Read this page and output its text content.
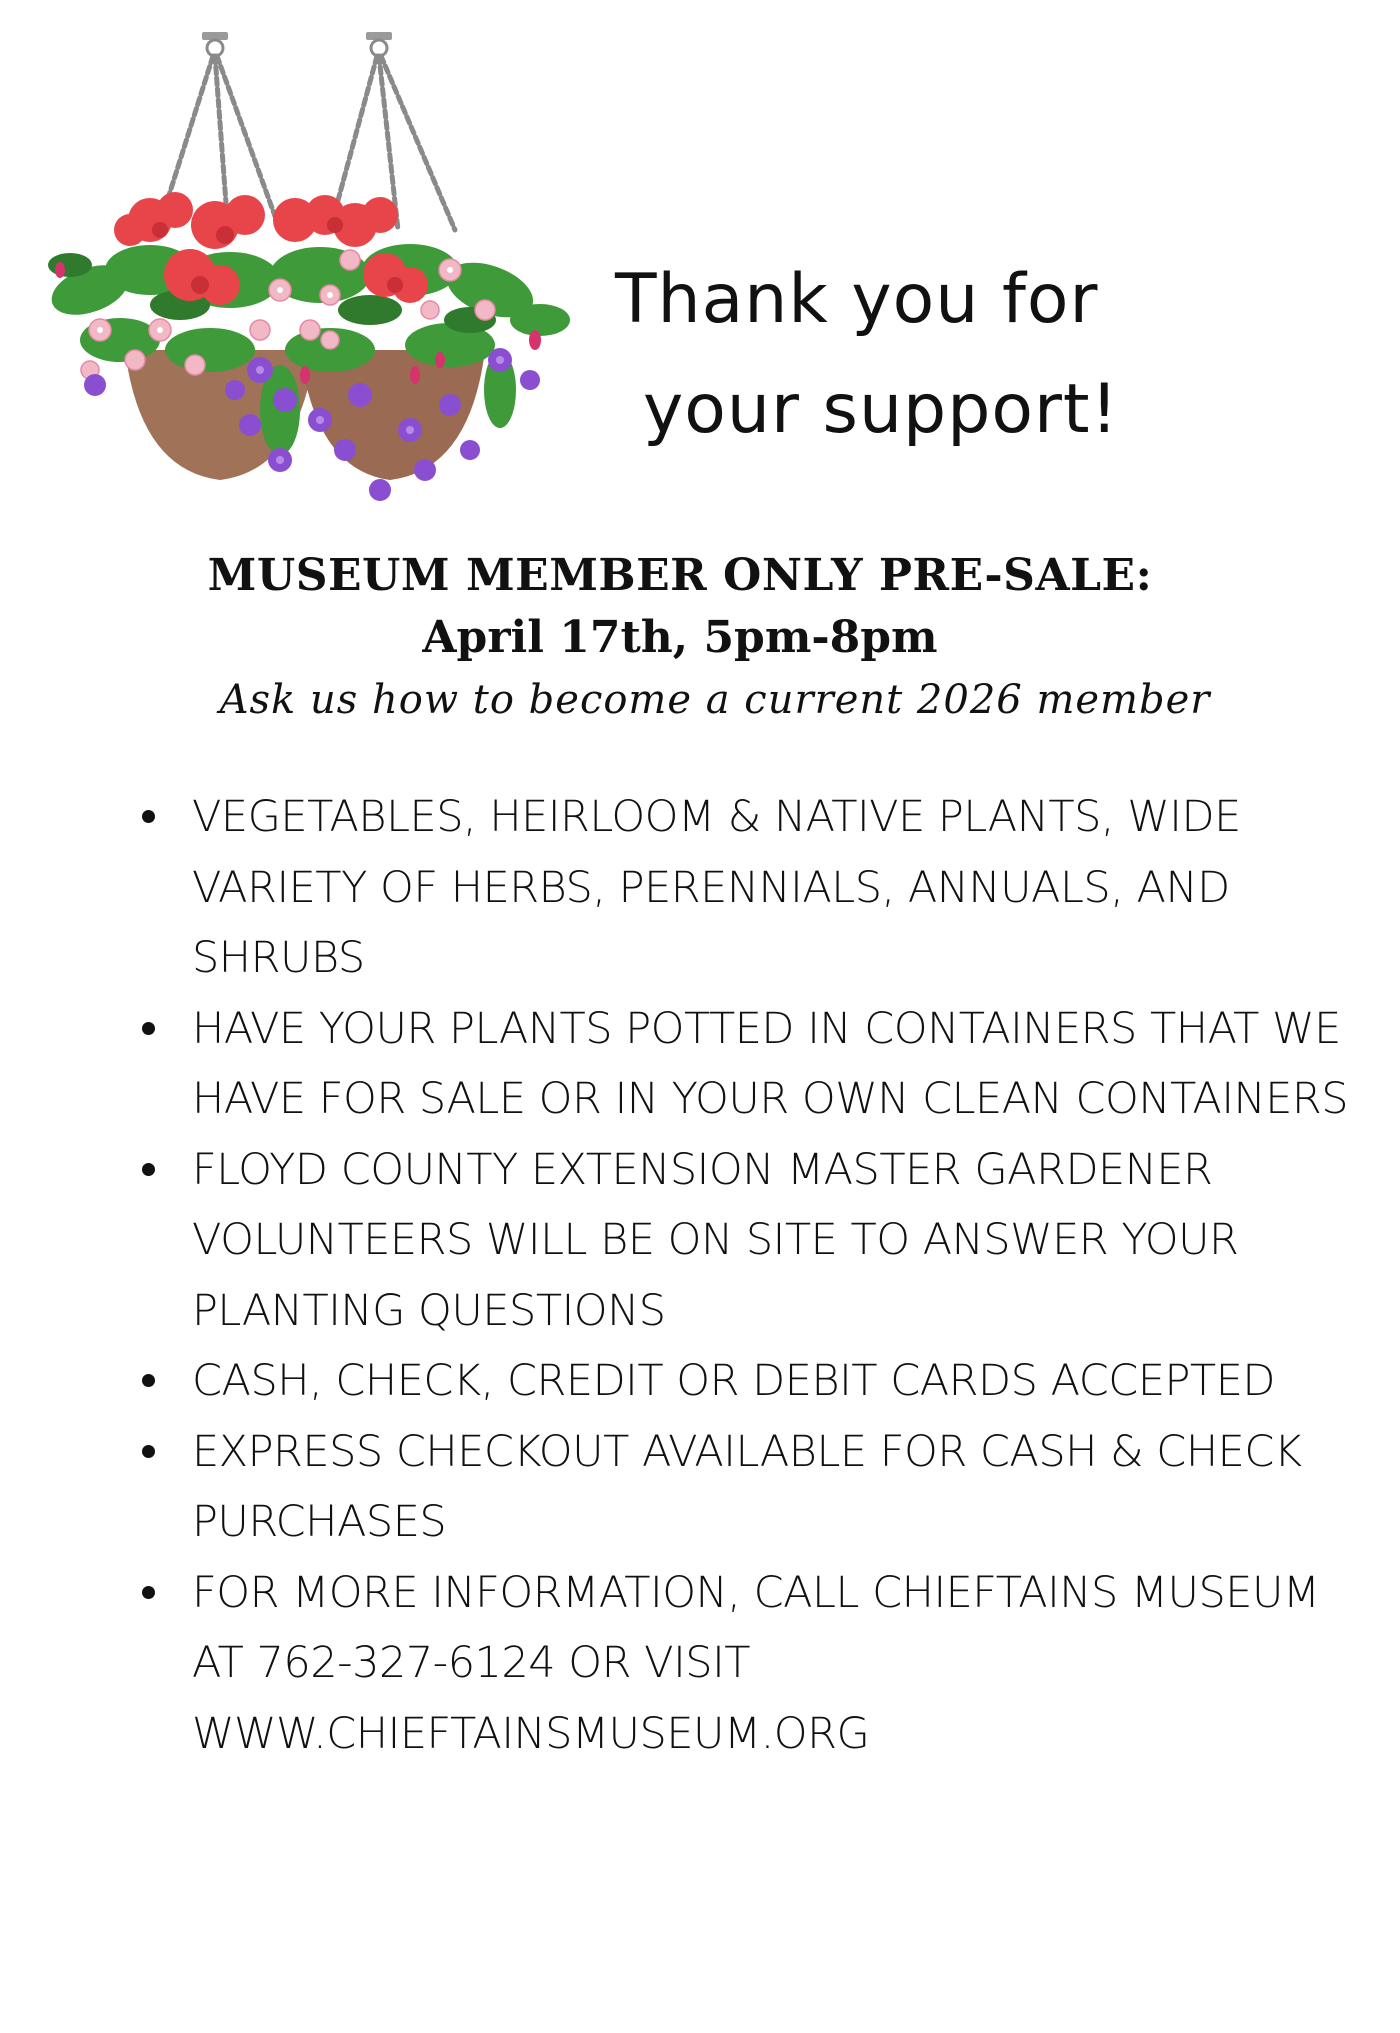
Thank you for
your support!
MUSEUM MEMBER ONLY PRE-SALE:
April 17th, 5pm-8pm
Ask us how to become a current 2026 member
VEGETABLES, HEIRLOOM & NATIVE PLANTS, WIDE VARIETY OF HERBS, PERENNIALS, ANNUALS, AND SHRUBS
HAVE YOUR PLANTS POTTED IN CONTAINERS THAT WE HAVE FOR SALE OR IN YOUR OWN CLEAN CONTAINERS
FLOYD COUNTY EXTENSION MASTER GARDENER VOLUNTEERS WILL BE ON SITE TO ANSWER YOUR PLANTING QUESTIONS
CASH, CHECK, CREDIT OR DEBIT CARDS ACCEPTED
EXPRESS CHECKOUT AVAILABLE FOR CASH & CHECK PURCHASES
FOR MORE INFORMATION, CALL CHIEFTAINS MUSEUM AT 762-327-6124 OR VISIT WWW.CHIEFTAINSMUSEUM.ORG
